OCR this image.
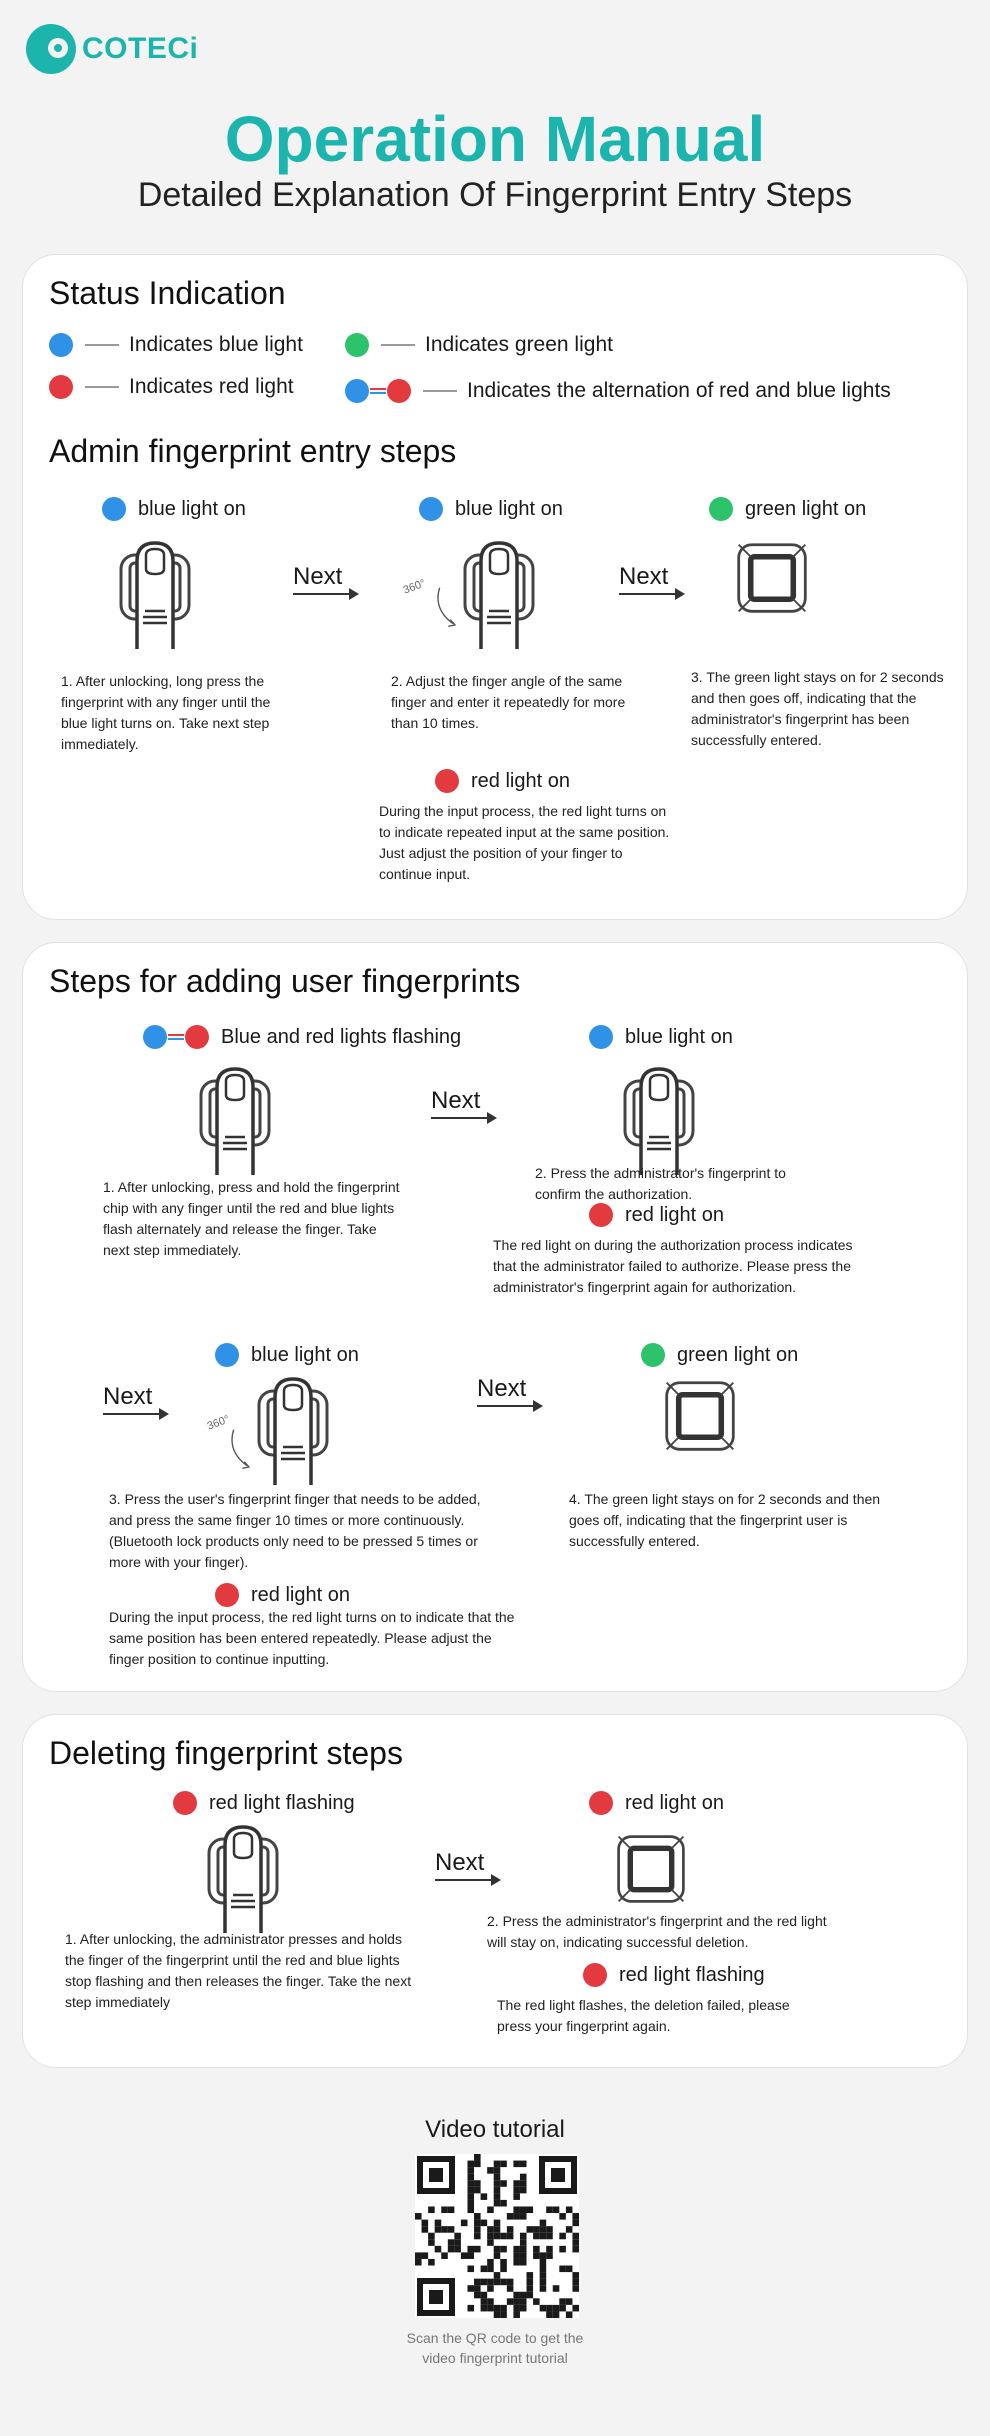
COTECi
Operation Manual
Detailed Explanation Of Fingerprint Entry Steps
Status Indication
Indicates blue light	Indicates green light
Indicates red light	Indicates the alternation of red and blue lights
Admin fingerprint entry steps
blue light on
1. After unlocking, long press the fingerprint with any finger until the blue light turns on. Take next step immediately.
Next
blue light on
360°
2. Adjust the finger angle of the same finger and enter it repeatedly for more than 10 times.
Next
green light on
3. The green light stays on for 2 seconds and then goes off, indicating that the administrator's fingerprint has been successfully entered.
red light on
During the input process, the red light turns on to indicate repeated input at the same position. Just adjust the position of your finger to continue input.
Steps for adding user fingerprints
Blue and red lights flashing
1. After unlocking, press and hold the fingerprint chip with any finger until the red and blue lights flash alternately and release the finger. Take next step immediately.
Next
blue light on
2. Press the administrator's fingerprint to confirm the authorization.
red light on
The red light on during the authorization process indicates that the administrator failed to authorize. Please press the administrator's fingerprint again for authorization.
Next
blue light on
360°
3. Press the user's fingerprint finger that needs to be added, and press the same finger 10 times or more continuously. (Bluetooth lock products only need to be pressed 5 times or more with your finger).
red light on
During the input process, the red light turns on to indicate that the same position has been entered repeatedly. Please adjust the finger position to continue inputting.
Next
green light on
4. The green light stays on for 2 seconds and then goes off, indicating that the fingerprint user is successfully entered.
Deleting fingerprint steps
red light flashing
1. After unlocking, the administrator presses and holds the finger of the fingerprint until the red and blue lights stop flashing and then releases the finger. Take the next step immediately
Next
red light on
2. Press the administrator's fingerprint and the red light will stay on, indicating successful deletion.
red light flashing
The red light flashes, the deletion failed, please press your fingerprint again.
Video tutorial
Scan the QR code to get the video fingerprint tutorial
